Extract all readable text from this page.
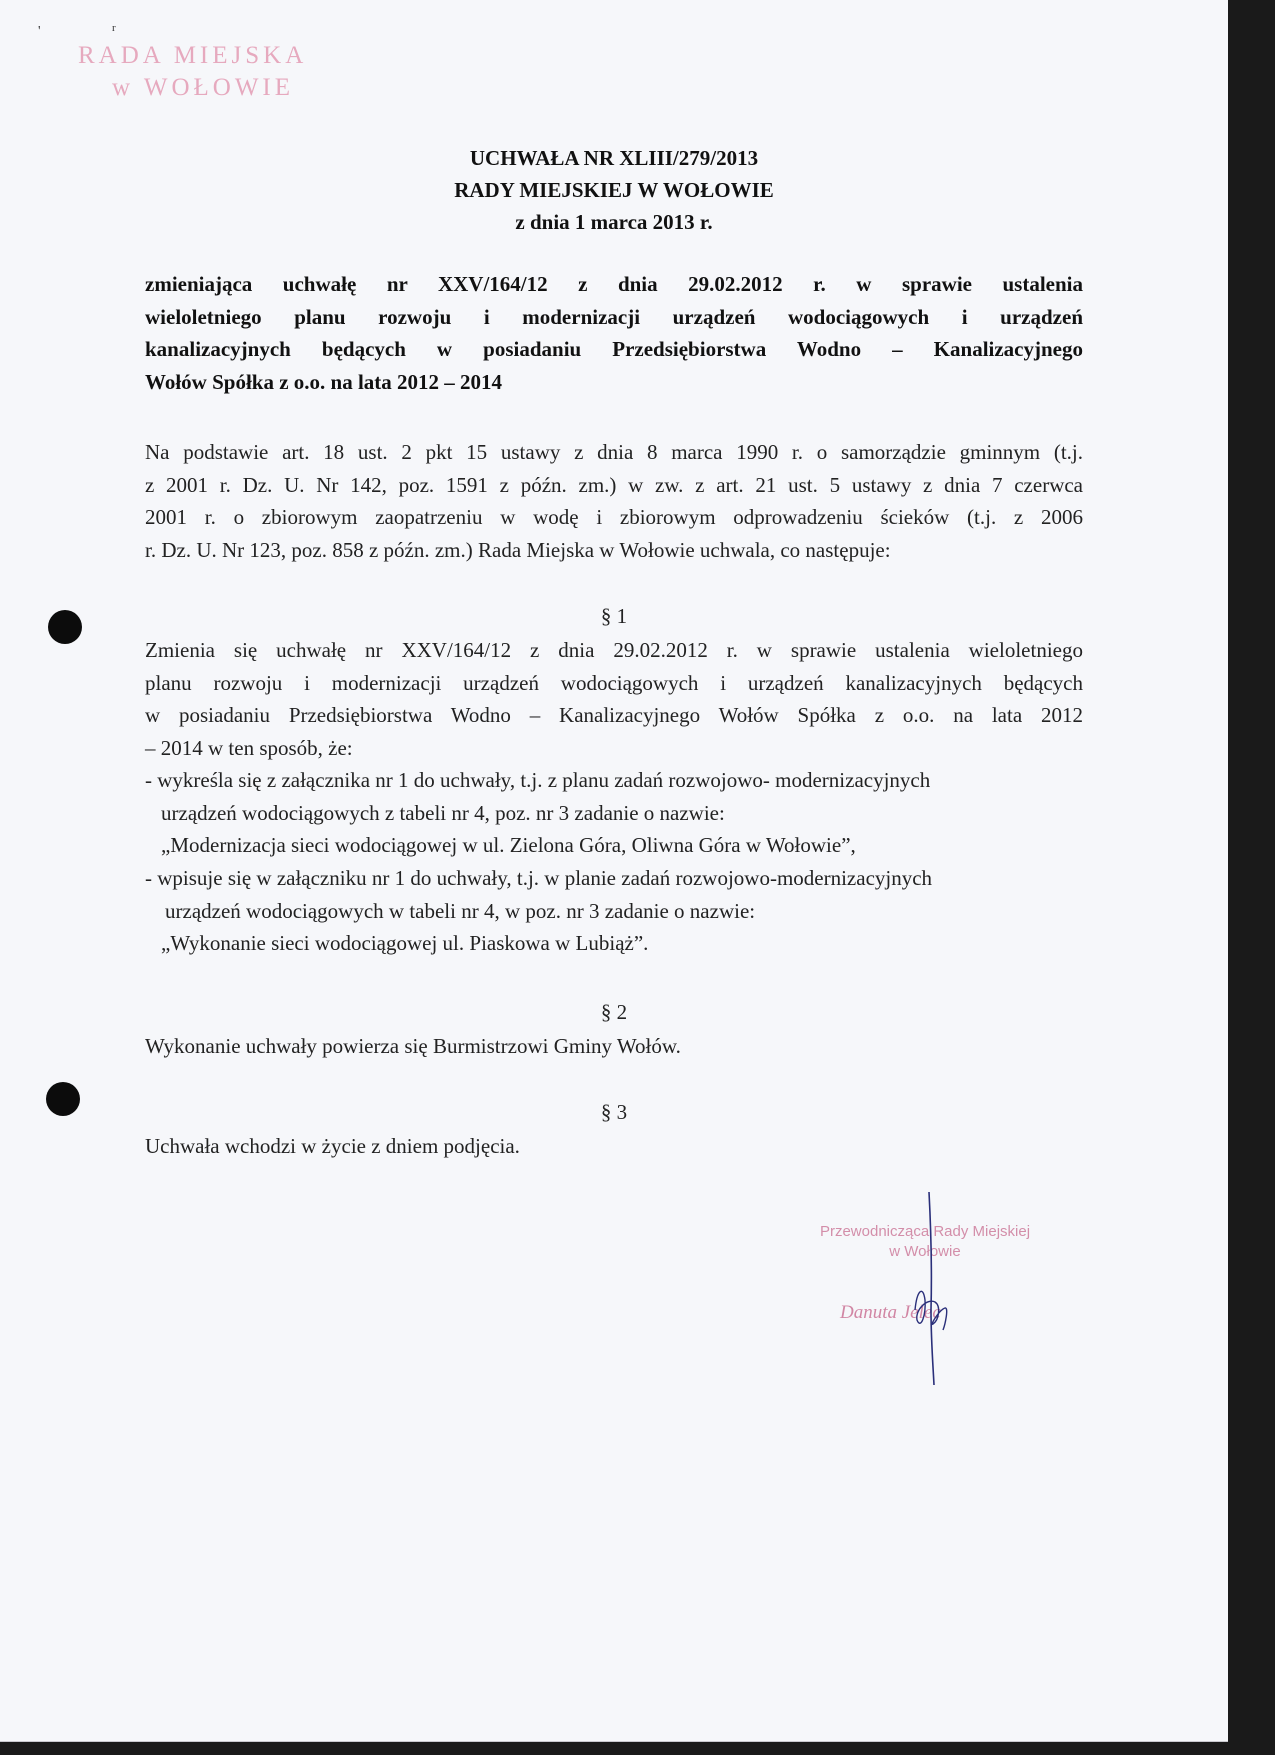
'	r
RADA MIEJSKA
w WOŁOWIE
UCHWAŁA NR XLIII/279/2013
RADY MIEJSKIEJ W WOŁOWIE
z dnia 1 marca 2013 r.
zmieniająca uchwałę nr XXV/164/12 z dnia 29.02.2012 r. w sprawie ustalenia
wieloletniego planu rozwoju i modernizacji urządzeń wodociągowych i urządzeń
kanalizacyjnych będących w posiadaniu Przedsiębiorstwa Wodno – Kanalizacyjnego
Wołów Spółka z o.o. na lata 2012 – 2014
Na podstawie art. 18 ust. 2 pkt 15 ustawy z dnia 8 marca 1990 r. o samorządzie gminnym (t.j.
z 2001 r. Dz. U. Nr 142, poz. 1591 z późn. zm.) w zw. z art. 21 ust. 5 ustawy z dnia 7 czerwca
2001 r. o zbiorowym zaopatrzeniu w wodę i zbiorowym odprowadzeniu ścieków (t.j. z 2006
r. Dz. U. Nr 123, poz. 858 z późn. zm.) Rada Miejska w Wołowie uchwala, co następuje:
§ 1
Zmienia się uchwałę nr XXV/164/12 z dnia 29.02.2012 r. w sprawie ustalenia wieloletniego
planu rozwoju i modernizacji urządzeń wodociągowych i urządzeń kanalizacyjnych będących
w posiadaniu Przedsiębiorstwa Wodno – Kanalizacyjnego Wołów Spółka z o.o. na lata 2012
– 2014 w ten sposób, że:
- wykreśla się z załącznika nr 1 do uchwały, t.j. z planu zadań rozwojowo- modernizacyjnych
urządzeń wodociągowych z tabeli nr 4, poz. nr 3 zadanie o nazwie:
„Modernizacja sieci wodociągowej w ul. Zielona Góra, Oliwna Góra w Wołowie”,
- wpisuje się w załączniku nr 1 do uchwały, t.j. w planie zadań rozwojowo-modernizacyjnych
urządzeń wodociągowych w tabeli nr 4, w poz. nr 3 zadanie o nazwie:
„Wykonanie sieci wodociągowej ul. Piaskowa w Lubiąż”.
§ 2
Wykonanie uchwały powierza się Burmistrzowi Gminy Wołów.
§ 3
Uchwała wchodzi w życie z dniem podjęcia.
Przewodnicząca Rady Miejskiej
w Wołowie
Danuta Jelec
